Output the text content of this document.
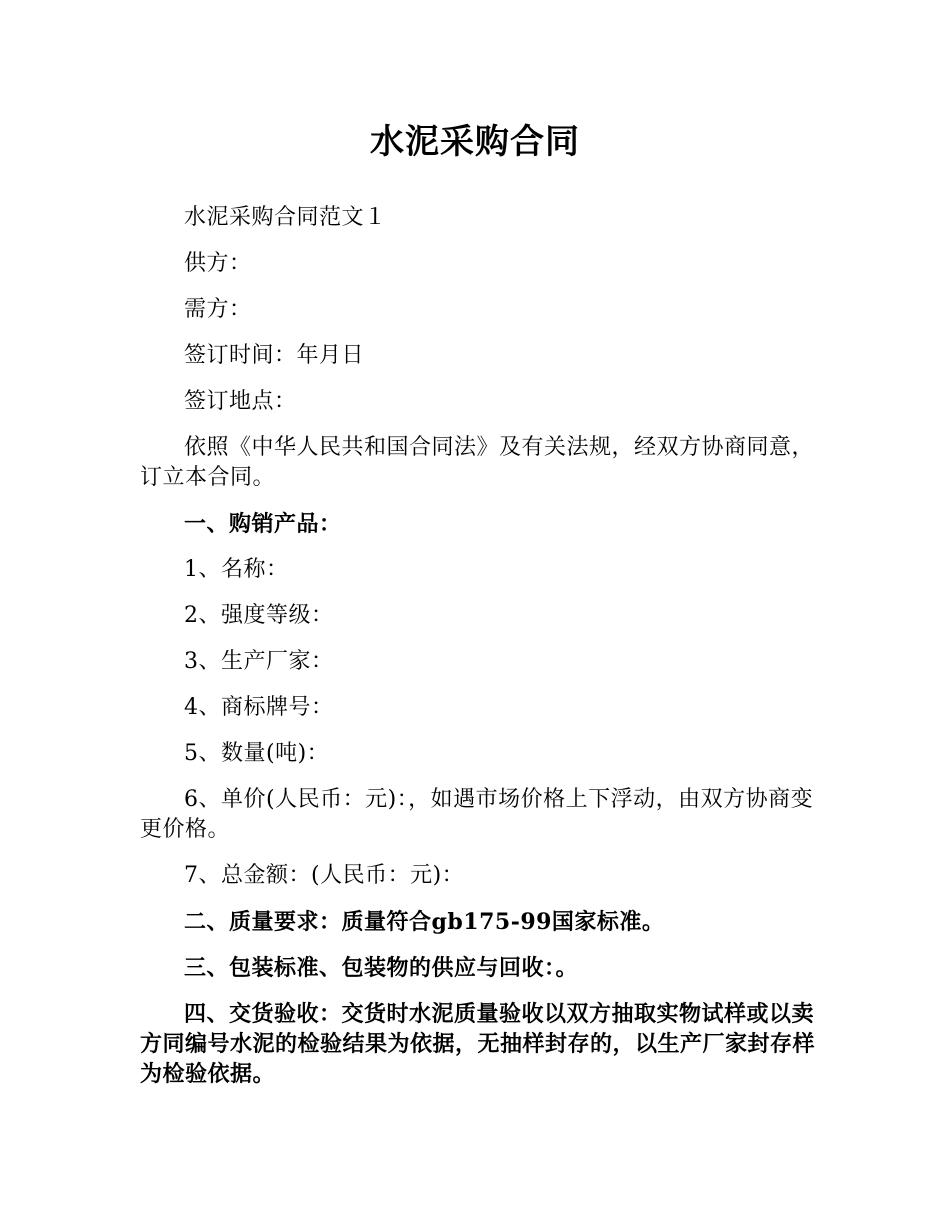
水泥采购合同

水泥采购合同范文１

供方：

需方：

签订时间：年月日

签订地点：

依照《中华人民共和国合同法》及有关法规，经双方协商同意，订立本合同。

一、购销产品：

1、名称：

2、强度等级：

3、生产厂家：

4、商标牌号：

5、数量(吨)：

6、单价(人民币：元)：，如遇市场价格上下浮动，由双方协商变更价格。

7、总金额：(人民币：元)：

二、质量要求：质量符合gb175-99国家标准。

三、包装标准、包装物的供应与回收：。

四、交货验收：交货时水泥质量验收以双方抽取实物试样或以卖方同编号水泥的检验结果为依据，无抽样封存的，以生产厂家封存样为检验依据。
